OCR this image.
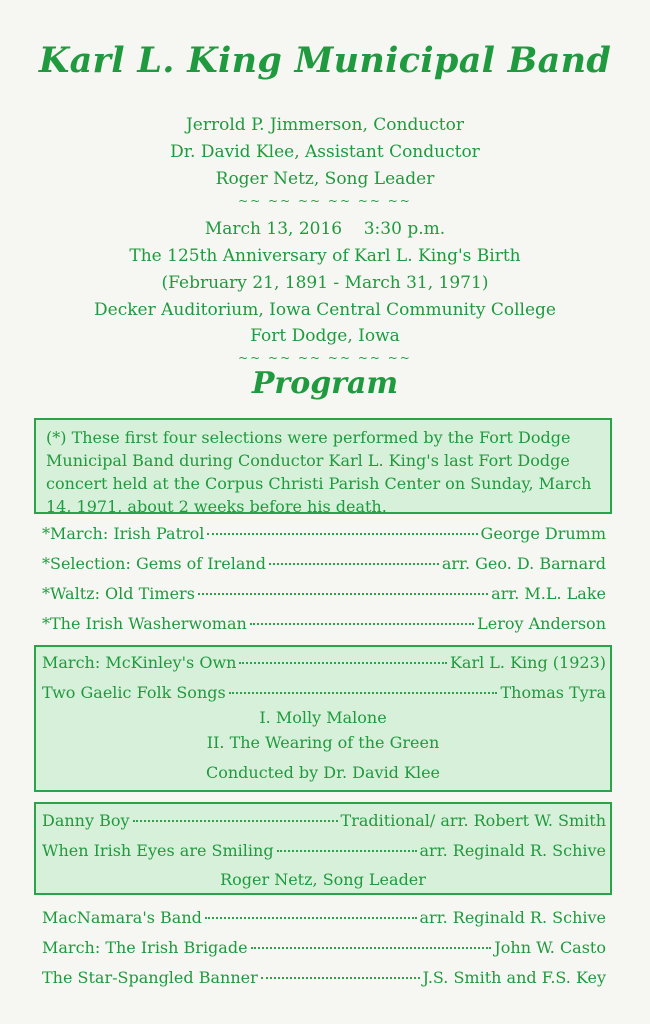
Karl L. King Municipal Band
Jerrold P. Jimmerson, Conductor
Dr. David Klee, Assistant Conductor
Roger Netz, Song Leader
~~ ~~ ~~ ~~ ~~ ~~
March 13, 2016 3:30 p.m.
The 125th Anniversary of Karl L. King's Birth
(February 21, 1891 - March 31, 1971)
Decker Auditorium, Iowa Central Community College
Fort Dodge, Iowa
~~ ~~ ~~ ~~ ~~ ~~
Program
(*) These first four selections were performed by the Fort Dodge Municipal Band during Conductor Karl L. King's last Fort Dodge concert held at the Corpus Christi Parish Center on Sunday, March 14, 1971, about 2 weeks before his death.
*March: Irish Patrol	George Drumm
*Selection: Gems of Ireland	arr. Geo. D. Barnard
*Waltz: Old Timers	arr. M.L. Lake
*The Irish Washerwoman	Leroy Anderson
March: McKinley's Own	Karl L. King (1923)
Two Gaelic Folk Songs	Thomas Tyra
I. Molly Malone
II. The Wearing of the Green
Conducted by Dr. David Klee
Danny Boy	Traditional/ arr. Robert W. Smith
When Irish Eyes are Smiling	arr. Reginald R. Schive
Roger Netz, Song Leader
MacNamara's Band	arr. Reginald R. Schive
March: The Irish Brigade	John W. Casto
The Star-Spangled Banner	J.S. Smith and F.S. Key
